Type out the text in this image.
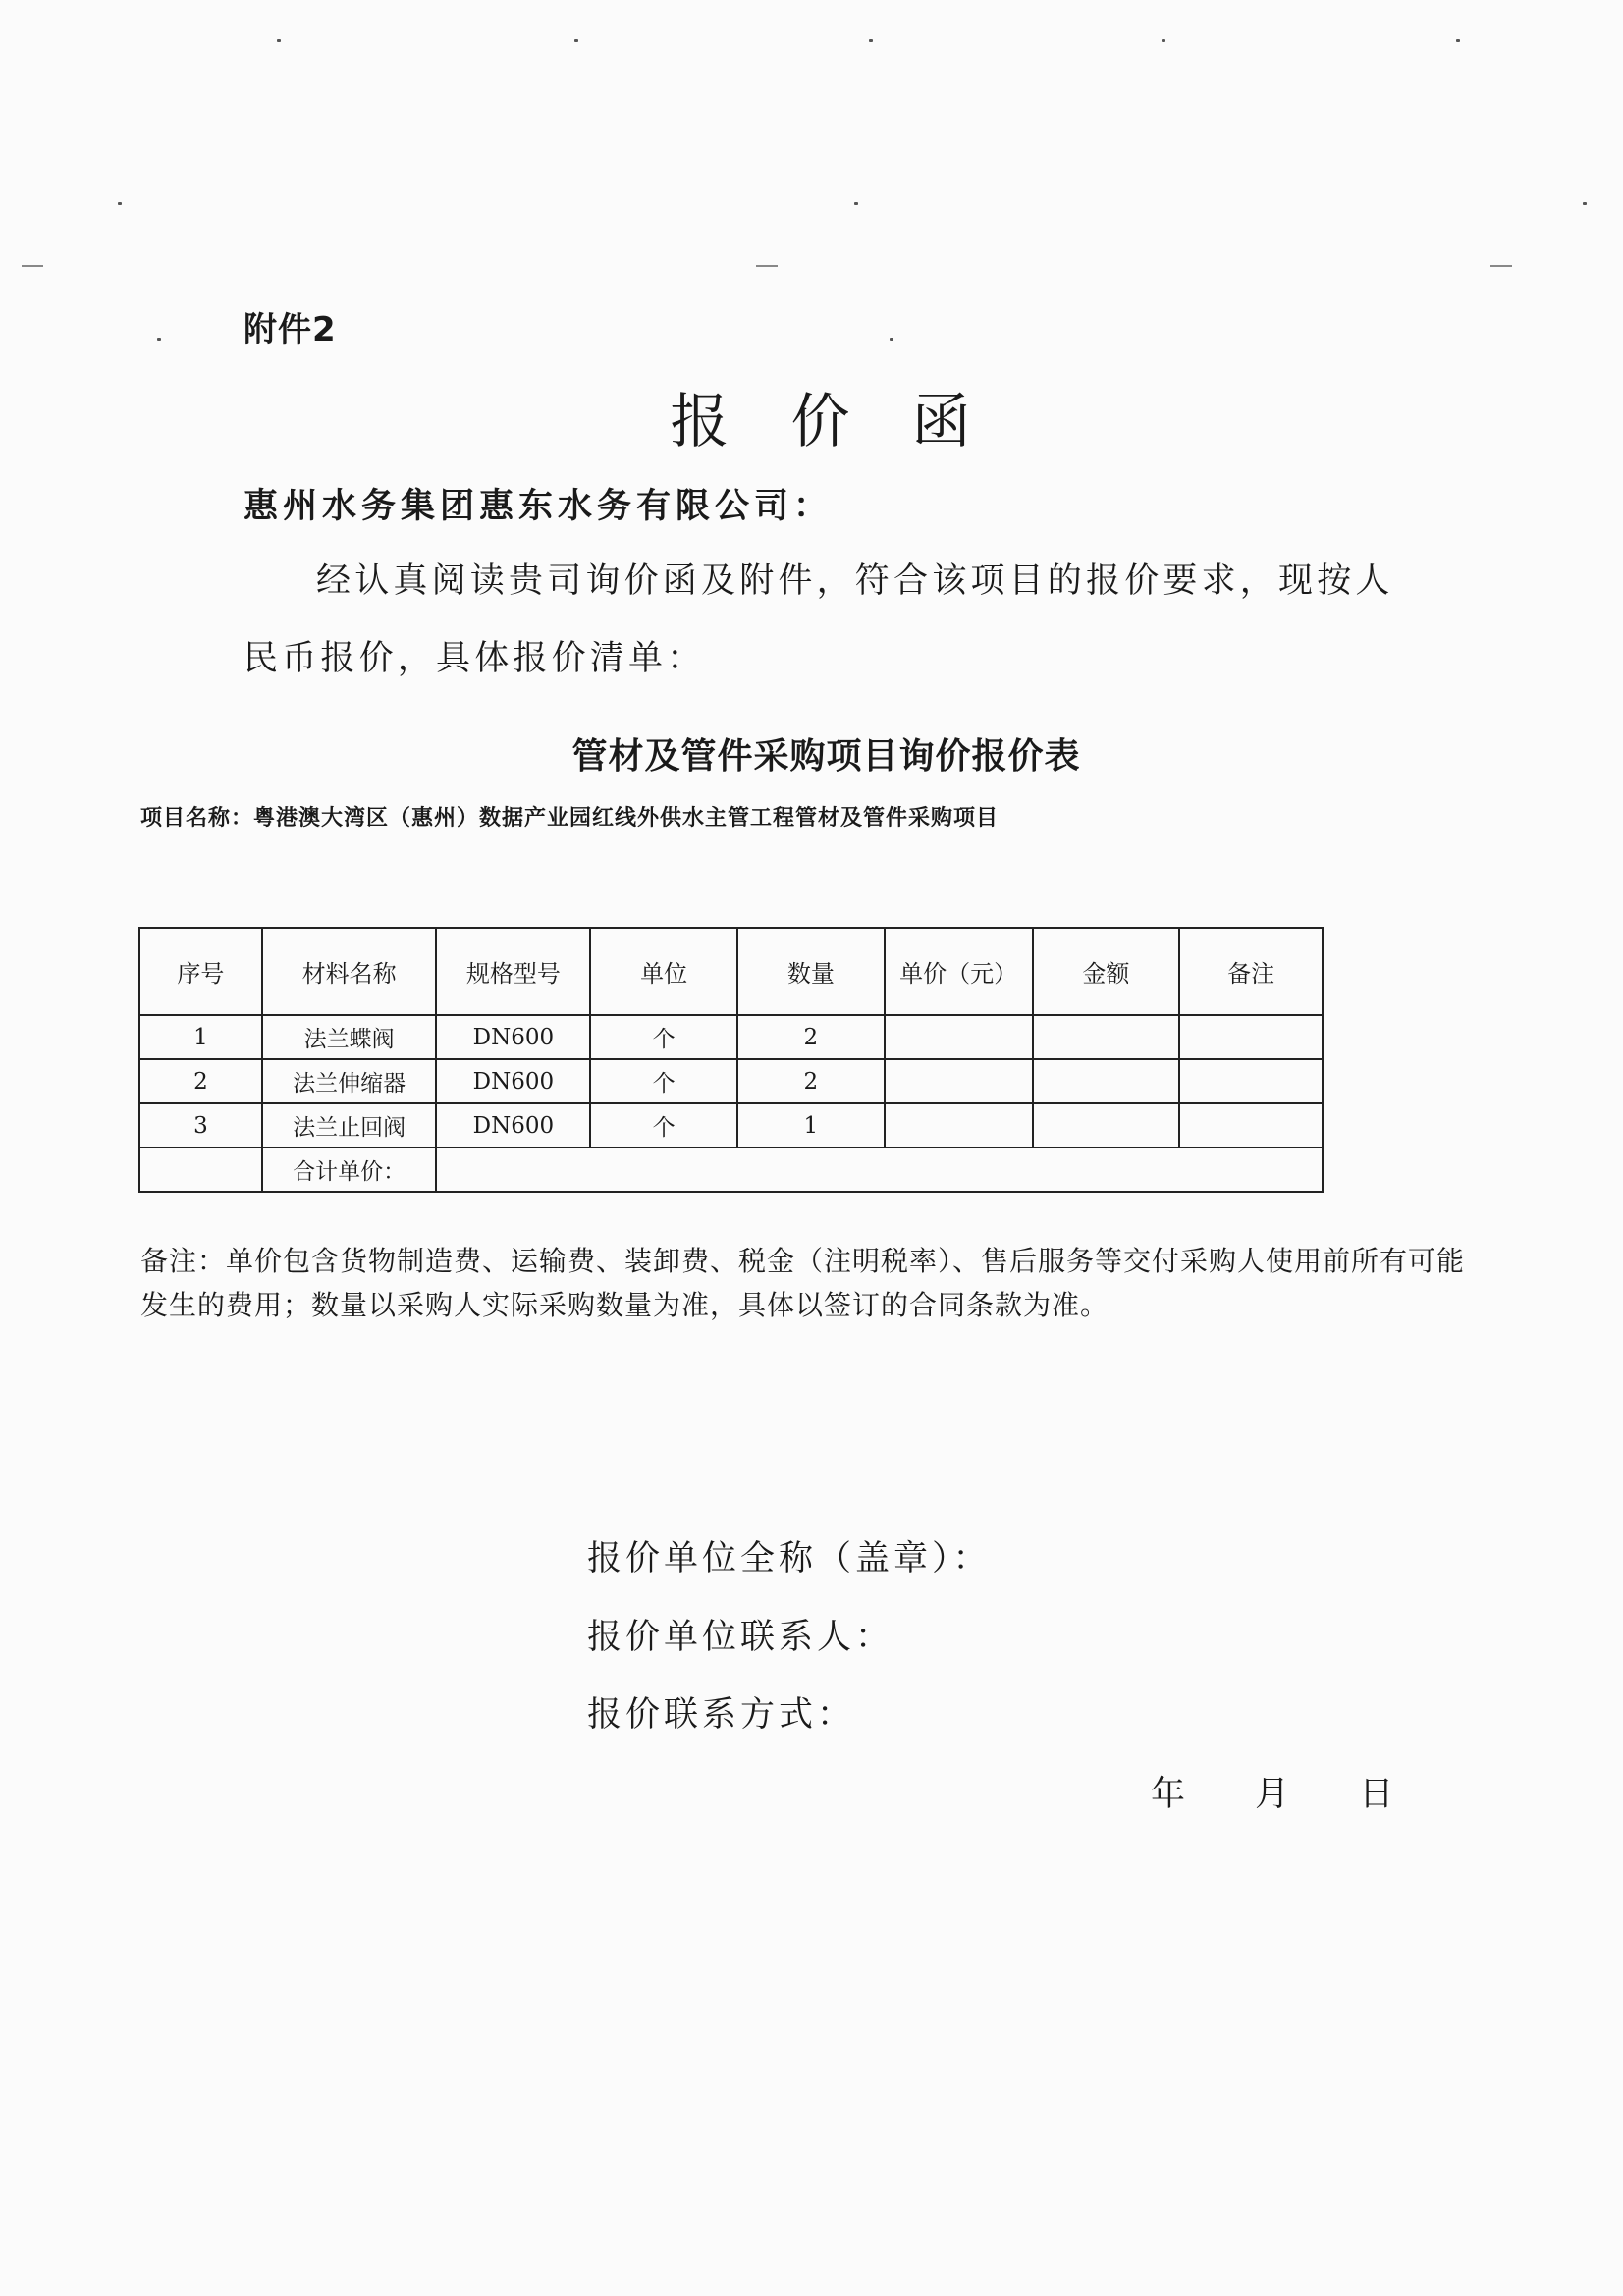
附件2
报 价 函
惠州水务集团惠东水务有限公司：
经认真阅读贵司询价函及附件，符合该项目的报价要求，现按人
民币报价，具体报价清单：
管材及管件采购项目询价报价表
项目名称：粤港澳大湾区（惠州）数据产业园红线外供水主管工程管材及管件采购项目
序号	材料名称	规格型号	单位	数量	单价（元）	金额	备注
1	法兰蝶阀	DN600	个	2			
2	法兰伸缩器	DN600	个	2			
3	法兰止回阀	DN600	个	1			
	合计单价：						
备注：单价包含货物制造费、运输费、装卸费、税金（注明税率）、售后服务等交付采购人使用前所有可能发生的费用；数量以采购人实际采购数量为准，具体以签订的合同条款为准。
报价单位全称（盖章）：
报价单位联系人：
报价联系方式：
年 月 日
